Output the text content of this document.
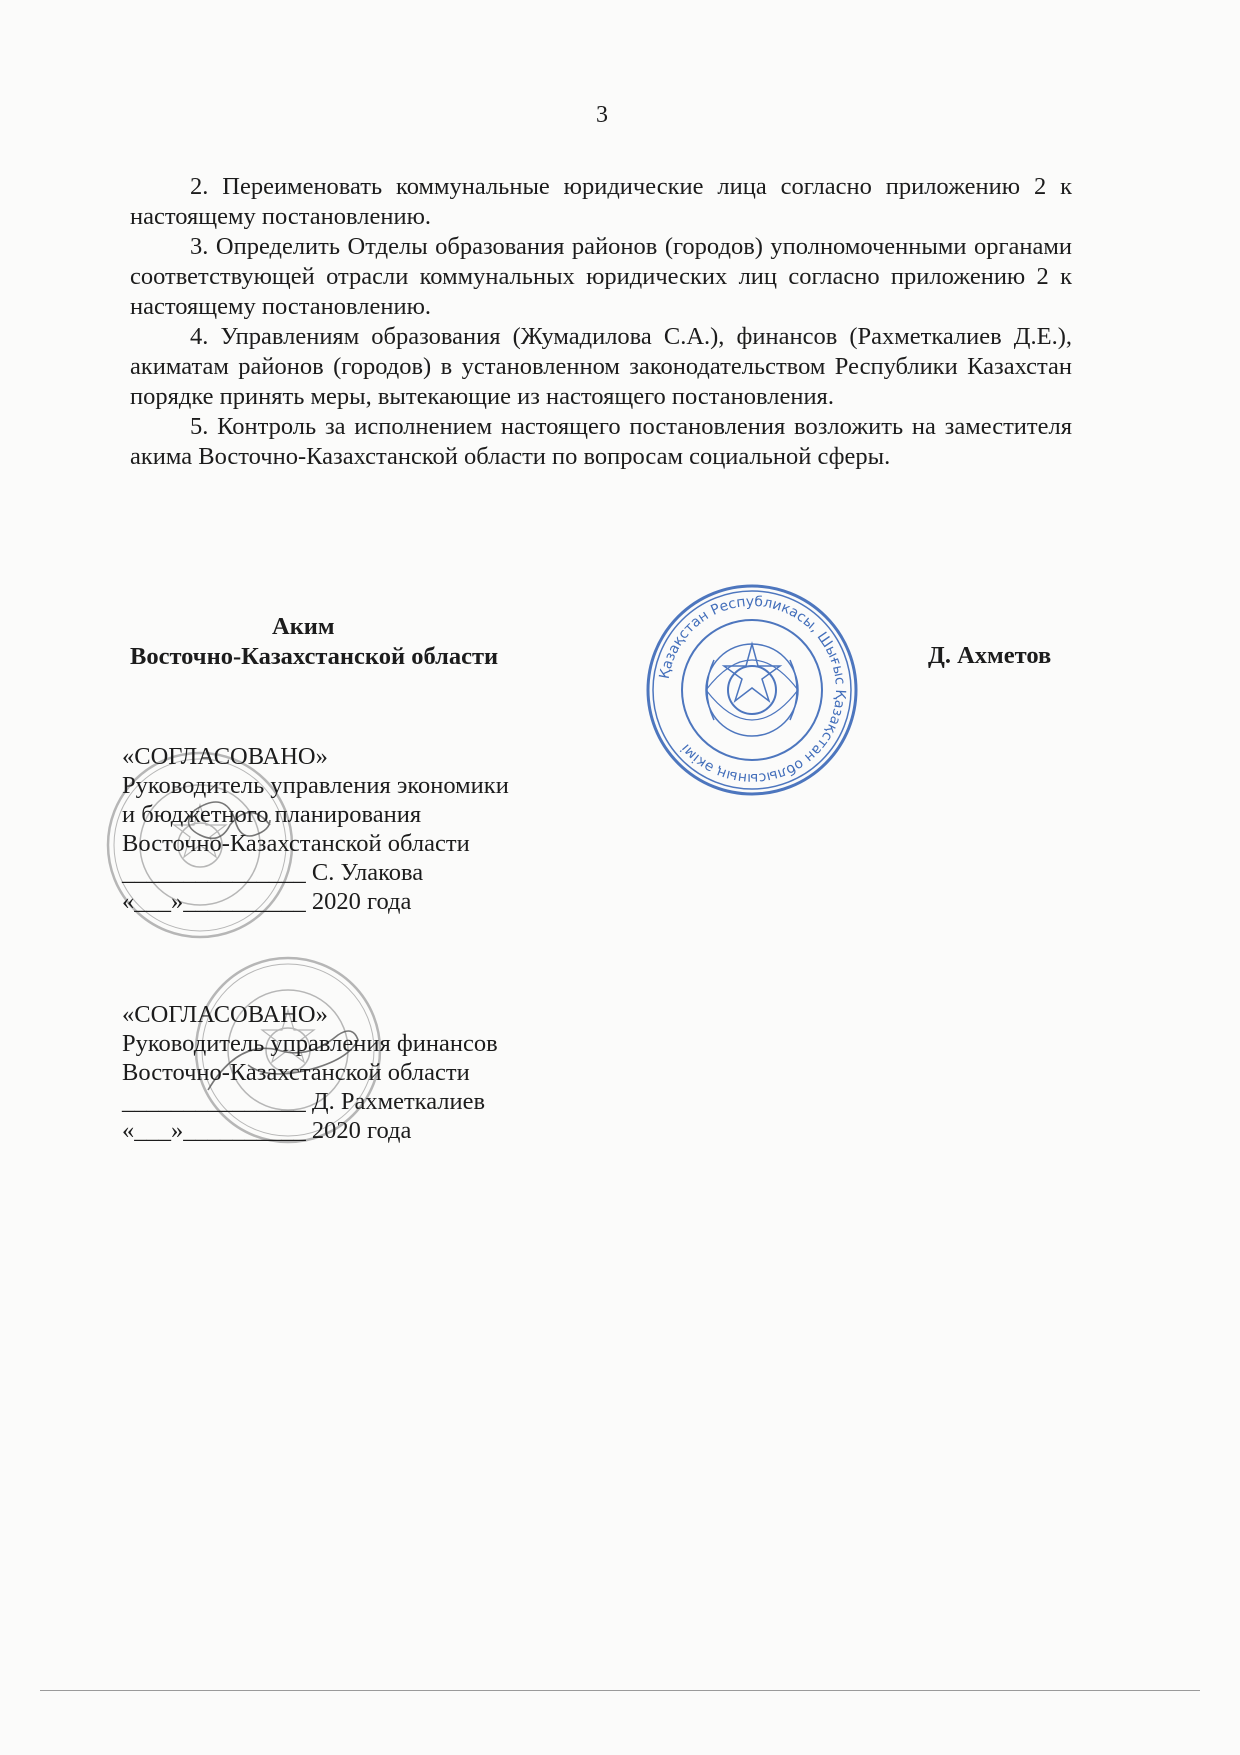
3

2. Переименовать коммунальные юридические лица согласно приложению 2 к настоящему постановлению.

3. Определить Отделы образования районов (городов) уполномоченными органами соответствующей отрасли коммунальных юридических лиц согласно приложению 2 к настоящему постановлению.

4. Управлениям образования (Жумадилова С.А.), финансов (Рахметкалиев Д.Е.), акиматам районов (городов) в установленном законодательством Республики Казахстан порядке принять меры, вытекающие из настоящего постановления.

5. Контроль за исполнением настоящего постановления возложить на заместителя акима Восточно-Казахстанской области по вопросам социальной сферы.

Қазақстан Республикасы, Шығыс Қазақстан облысының әкімі
Аким
Восточно-Казахстанской области	Д. Ахметов
«СОГЛАСОВАНО»
Руководитель управления экономики
и бюджетного планирования
Восточно-Казахстанской области
_______________ С. Улакова
«___»__________ 2020 года
«СОГЛАСОВАНО»
Руководитель управления финансов
Восточно-Казахстанской области
_______________ Д. Рахметкалиев
«___»__________ 2020 года
